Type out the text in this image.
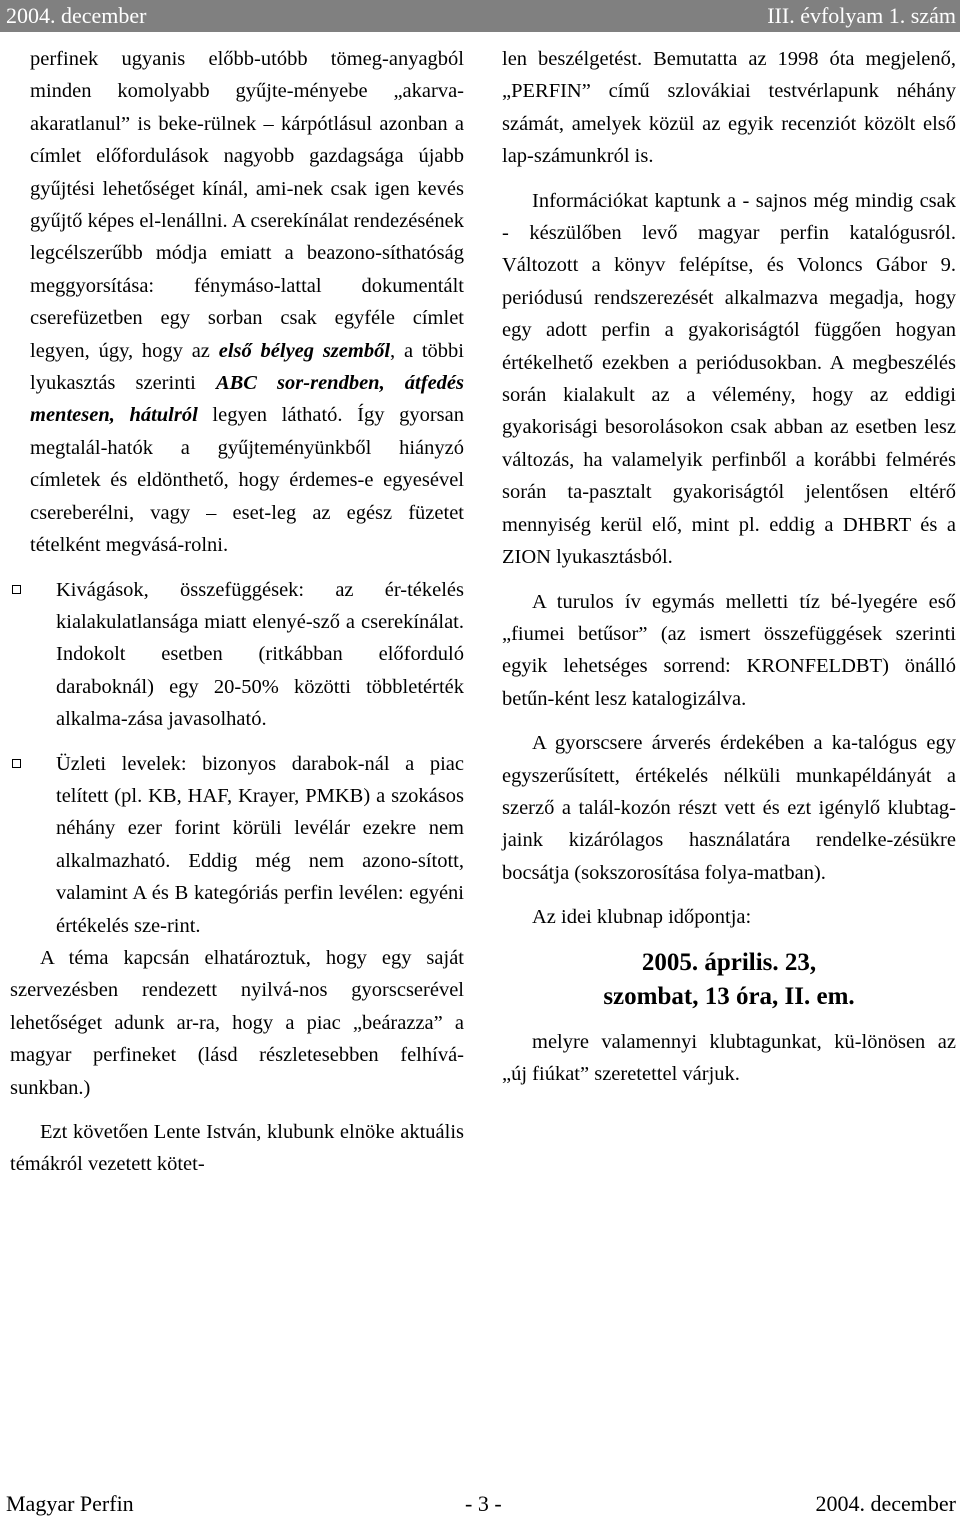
2004. december	III. évfolyam 1. szám

perfinek ugyanis előbb-utóbb tömeg-anyagból minden komolyabb gyűjte-ményebe „akarva-akaratlanul” is beke-rülnek – kárpótlásul azonban a címlet előfordulások nagyobb gazdagsága újabb gyűjtési lehetőséget kínál, ami-nek csak igen kevés gyűjtő képes el-lenállni. A cserekínálat rendezésének legcélszerűbb módja emiatt a beazono-síthatóság meggyorsítása: fénymáso-lattal dokumentált cserefüzetben egy sorban csak egyféle címlet legyen, úgy, hogy az első bélyeg szemből, a többi lyukasztás szerinti ABC sor-rendben, átfedés mentesen, hátulról legyen látható. Így gyorsan megtalál-hatók a gyűjteményünkből hiányzó címletek és eldönthető, hogy érdemes-e egyesével csereberélni, vagy – eset-leg az egész füzetet tételként megvásá-rolni.

Kivágások, összefüggések: az ér-tékelés kialakulatlansága miatt elenyé-sző a cserekínálat. Indokolt esetben (ritkábban előforduló daraboknál) egy 20-50% közötti többletérték alkalma-zása javasolható.

Üzleti levelek: bizonyos darabok-nál a piac telített (pl. KB, HAF, Krayer, PMKB) a szokásos néhány ezer forint körüli levélár ezekre nem alkalmazható. Eddig még nem azono-sított, valamint A és B kategóriás perfin levélen: egyéni értékelés sze-rint.

A téma kapcsán elhatároztuk, hogy egy saját szervezésben rendezett nyilvá-nos gyorscserével lehetőséget adunk ar-ra, hogy a piac „beárazza” a magyar perfineket (lásd részletesebben felhívá-sunkban.)

Ezt követően Lente István, klubunk elnöke aktuális témákról vezetett kötet-

len beszélgetést. Bemutatta az 1998 óta megjelenő, „PERFIN” című szlovákiai testvérlapunk néhány számát, amelyek közül az egyik recenziót közölt első lap-számunkról is.

Információkat kaptunk a - sajnos még mindig csak - készülőben levő magyar perfin katalógusról. Változott a könyv felépítse, és Volonсs Gábor 9. periódusú rendszerezését alkalmazva megadja, hogy egy adott perfin a gyakoriságtól függően hogyan értékelhető ezekben a periódusokban. A megbeszélés során kialakult az a vélemény, hogy az eddigi gyakorisági besorolásokon csak abban az esetben lesz változás, ha valamelyik perfinből a korábbi felmérés során ta-pasztalt gyakoriságtól jelentősen eltérő mennyiség kerül elő, mint pl. eddig a DHBRT és a ZION lyukasztásból.

A turulos ív egymás melletti tíz bé-lyegére eső „fiumei betűsor” (az ismert összefüggések szerinti egyik lehetséges sorrend: KRONFELDBT) önálló betűn-ként lesz katalogizálva.

A gyorscsere árverés érdekében a ka-talógus egy egyszerűsített, értékelés nélküli munkapéldányát a szerző a talál-kozón részt vett és ezt igénylő klubtag-jaink kizárólagos használatára rendelke-zésükre bocsátja (sokszorosítása folya-matban).

Az idei klubnap időpontja:

2005. április. 23,

szombat, 13 óra, II. em.

melyre valamennyi klubtagunkat, kü-lönösen az „új fiúkat” szeretettel várjuk.

Magyar Perfin	- 3 -	2004. december
